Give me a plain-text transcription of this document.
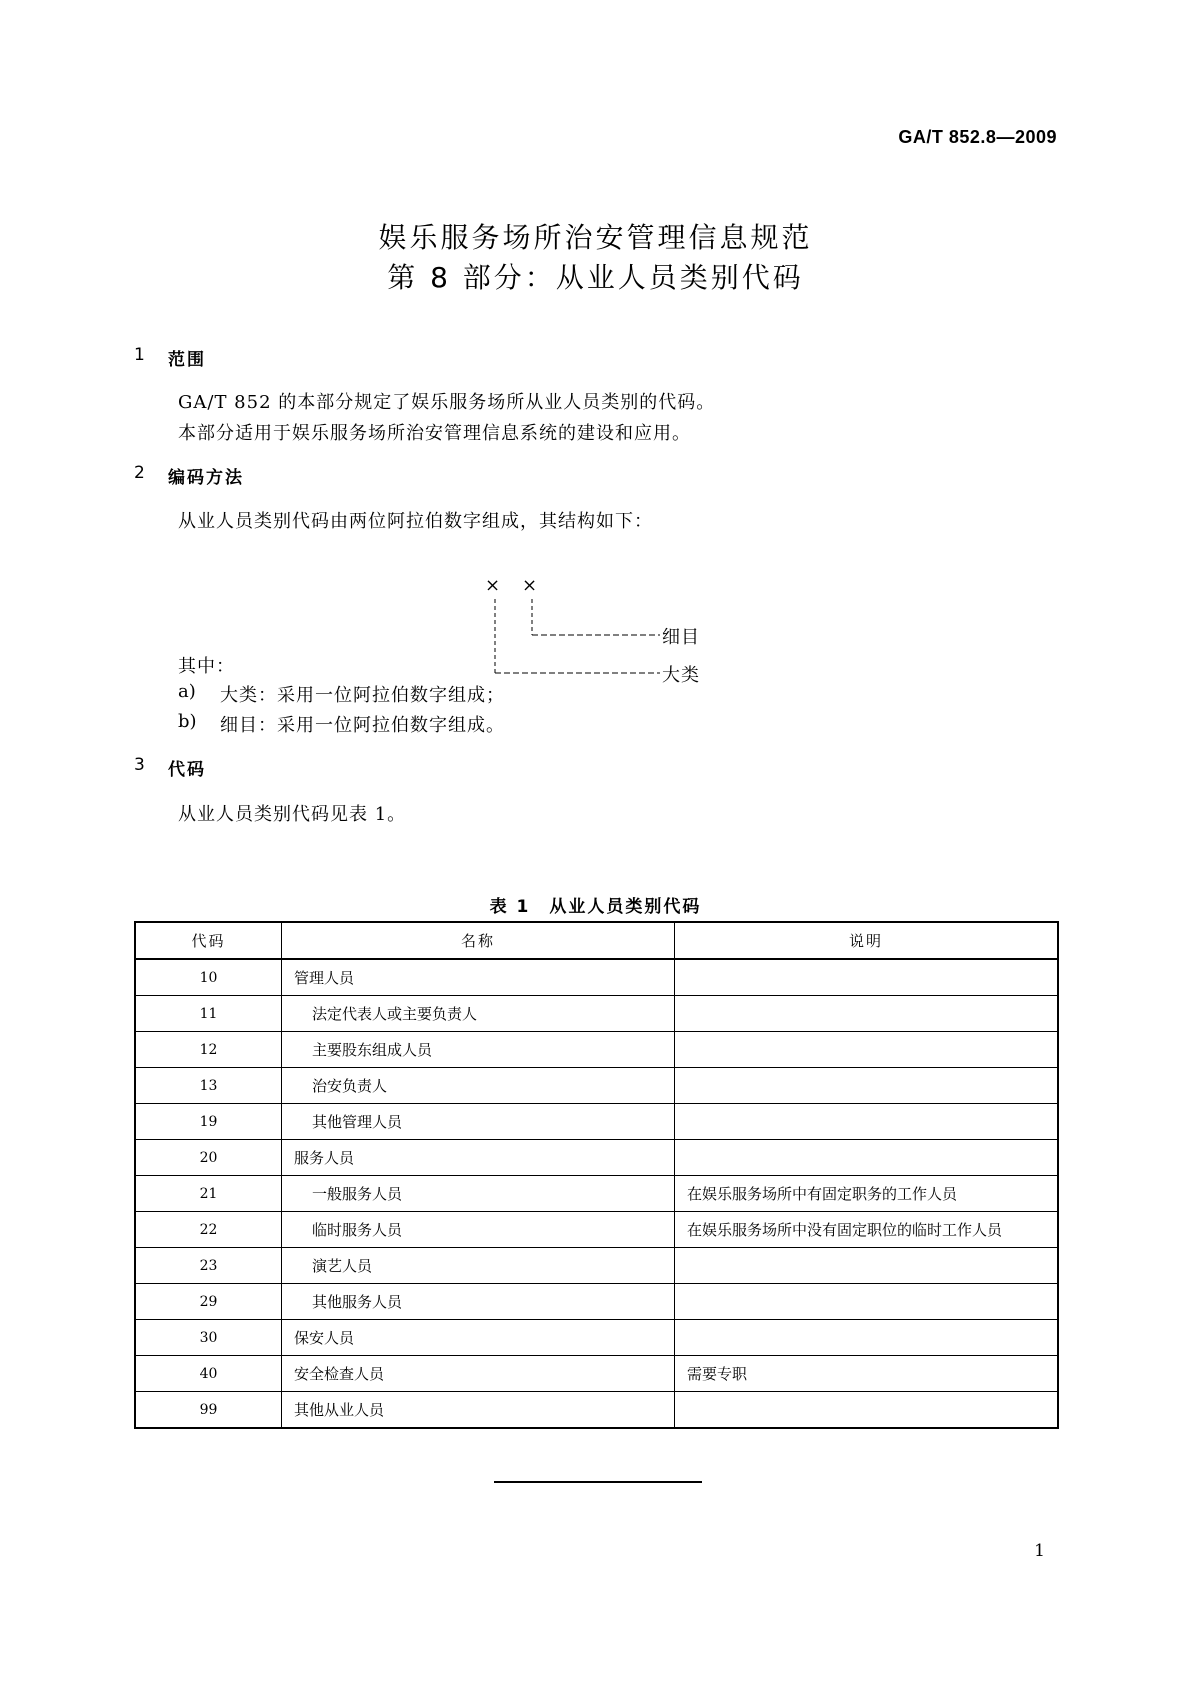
GA/T 852.8—2009
娱乐服务场所治安管理信息规范
第 8 部分：从业人员类别代码
1 范围
GA/T 852 的本部分规定了娱乐服务场所从业人员类别的代码。
本部分适用于娱乐服务场所治安管理信息系统的建设和应用。
2 编码方法
从业人员类别代码由两位阿拉伯数字组成，其结构如下：
× ×
细目
大类
其中：
a) 大类：采用一位阿拉伯数字组成；
b) 细目：采用一位阿拉伯数字组成。
3 代码
从业人员类别代码见表 1。
表 1　从业人员类别代码
代码	名称	说明
10	管理人员	
11	法定代表人或主要负责人	
12	主要股东组成人员	
13	治安负责人	
19	其他管理人员	
20	服务人员	
21	一般服务人员	在娱乐服务场所中有固定职务的工作人员
22	临时服务人员	在娱乐服务场所中没有固定职位的临时工作人员
23	演艺人员	
29	其他服务人员	
30	保安人员	
40	安全检查人员	需要专职
99	其他从业人员	
1
